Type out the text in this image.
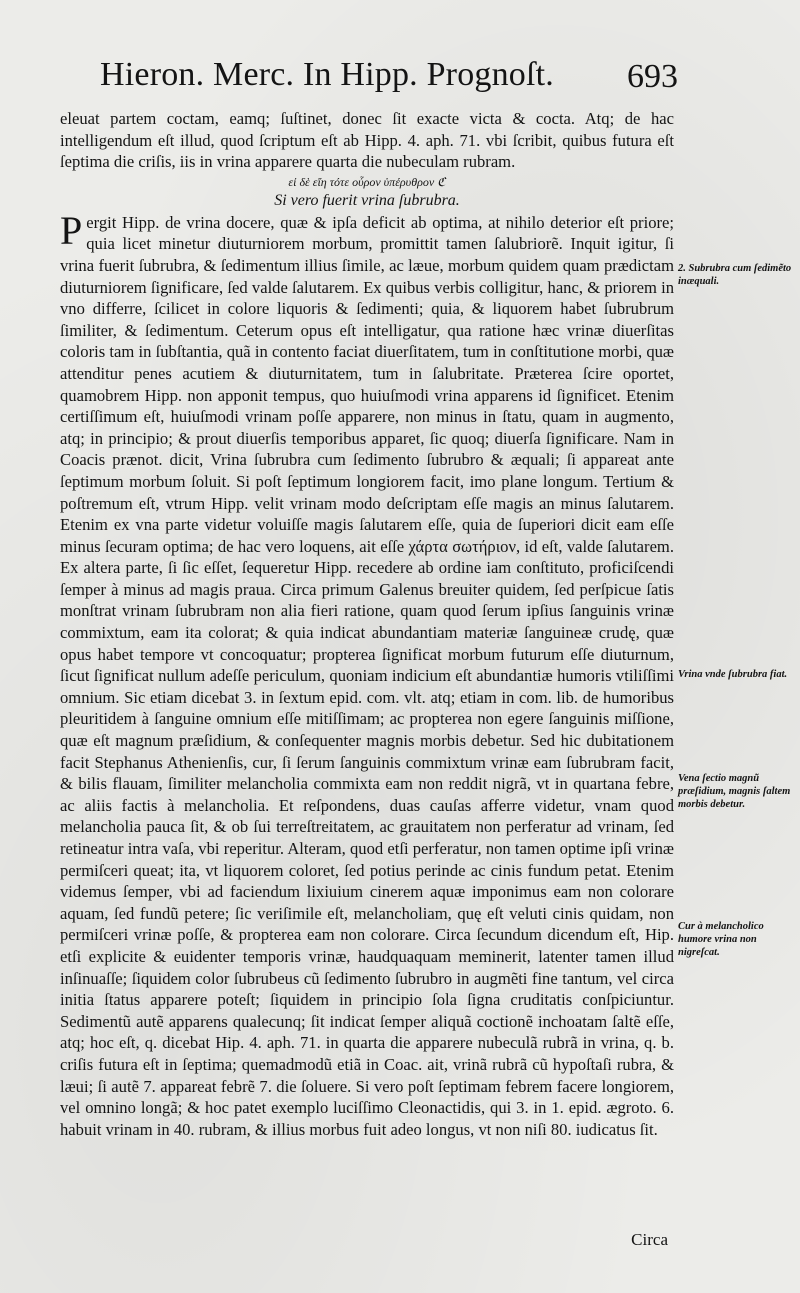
Hieron. Merc. In Hipp. Prognoſt. 693

eleuat partem coctam, eamq; ſuſtinet, donec ſit exacte victa & cocta. Atq; de hac intelligendum eſt illud, quod ſcriptum eſt ab Hipp. 4. aph. 71. vbi ſcribit, quibus futura eſt ſeptima die criſis, iis in vrina apparere quarta die nubeculam rubram.

εἰ δὲ εἴη τότε οὖρον ὑπέρυθρον ℭ

Si vero fuerit vrina ſubrubra.

Pergit Hipp. de vrina docere, quæ & ipſa deficit ab optima, at nihilo deterior eſt priore; quia licet minetur diuturniorem morbum, promittit tamen ſalubriorẽ. Inquit igitur, ſi vrina fuerit ſubrubra, & ſedimentum illius ſimile, ac læue, morbum quidem quam prædictam diuturniorem ſignificare, ſed valde ſalutarem. Ex quibus verbis colligitur, hanc, & priorem in vno differre, ſcilicet in colore liquoris & ſedimenti; quia, & liquorem habet ſubrubrum ſimiliter, & ſedimentum. Ceterum opus eſt intelligatur, qua ratione hæc vrinæ diuerſitas coloris tam in ſubſtantia, quã in contento faciat diuerſitatem, tum in conſtitutione morbi, quæ attenditur penes acutiem & diuturnitatem, tum in ſalubritate. Præterea ſcire oportet, quamobrem Hipp. non apponit tempus, quo huiuſmodi vrina apparens id ſignificet. Etenim certiſſimum eſt, huiuſmodi vrinam poſſe apparere, non minus in ſtatu, quam in augmento, atq; in principio; & prout diuerſis temporibus apparet, ſic quoq; diuerſa ſignificare. Nam in Coacis prænot. dicit, Vrina ſubrubra cum ſedimento ſubrubro & æquali; ſi appareat ante ſeptimum morbum ſoluit. Si poſt ſeptimum longiorem facit, imo plane longum. Tertium & poſtremum eſt, vtrum Hipp. velit vrinam modo deſcriptam eſſe magis an minus ſalutarem. Etenim ex vna parte videtur voluiſſe magis ſalutarem eſſe, quia de ſuperiori dicit eam eſſe minus ſecuram optima; de hac vero loquens, ait eſſe χάρτα σωτήριον, id eſt, valde ſalutarem. Ex altera parte, ſi ſic eſſet, ſequeretur Hipp. recedere ab ordine iam conſtituto, proficiſcendi ſemper à minus ad magis praua. Circa primum Galenus breuiter quidem, ſed perſpicue ſatis monſtrat vrinam ſubrubram non alia fieri ratione, quam quod ſerum ipſius ſanguinis vrinæ commixtum, eam ita colorat; & quia indicat abundantiam materiæ ſanguineæ crudę, quæ opus habet tempore vt concoquatur; propterea ſignificat morbum futurum eſſe diuturnum, ſicut ſignificat nullum adeſſe periculum, quoniam indicium eſt abundantiæ humoris vtiliſſimi omnium. Sic etiam dicebat 3. in ſextum epid. com. vlt. atq; etiam in com. lib. de humoribus pleuritidem à ſanguine omnium eſſe mitiſſimam; ac propterea non egere ſanguinis miſſione, quæ eſt magnum præſidium, & conſequenter magnis morbis debetur. Sed hic dubitationem facit Stephanus Athenienſis, cur, ſi ſerum ſanguinis commixtum vrinæ eam ſubrubram facit, & bilis flauam, ſimiliter melancholia commixta eam non reddit nigrã, vt in quartana febre, ac aliis factis à melancholia. Et reſpondens, duas cauſas afferre videtur, vnam quod melancholia pauca ſit, & ob ſui terreſtreitatem, ac grauitatem non perferatur ad vrinam, ſed retineatur intra vaſa, vbi reperitur. Alteram, quod etſi perferatur, non tamen optime ipſi vrinæ permiſceri queat; ita, vt liquorem coloret, ſed potius perinde ac cinis fundum petat. Etenim videmus ſemper, vbi ad faciendum lixiuium cinerem aquæ imponimus eam non colorare aquam, ſed fundũ petere; ſic veriſimile eſt, melancholiam, quę eſt veluti cinis quidam, non permiſceri vrinæ poſſe, & propterea eam non colorare. Circa ſecundum dicendum eſt, Hip. etſi explicite & euidenter temporis vrinæ, haudquaquam meminerit, latenter tamen illud inſinuaſſe; ſiquidem color ſubrubeus cũ ſedimento ſubrubro in augmẽti fine tantum, vel circa initia ſtatus apparere poteſt; ſiquidem in principio ſola ſigna cruditatis conſpiciuntur. Sedimentũ autẽ apparens qualecunq; ſit indicat ſemper aliquã coctionẽ inchoatam ſaltẽ eſſe, atq; hoc eſt, q. dicebat Hip. 4. aph. 71. in quarta die apparere nubeculã rubrã in vrina, q. b. criſis futura eſt in ſeptima; quemadmodũ etiã in Coac. ait, vrinã rubrã cũ hypoſtaſi rubra, & læui; ſi autẽ 7. appareat febrẽ 7. die ſoluere. Si vero poſt ſeptimam febrem facere longiorem, vel omnino longã; & hoc patet exemplo luciſſimo Cleonactidis, qui 3. in 1. epid. ægroto. 6. habuit vrinam in 40. rubram, & illius morbus fuit adeo longus, vt non niſi 80. iudicatus ſit.

2. Subrubra cum ſedimẽto inæquali.
Vrina vnde ſubrubra fiat.
Vena ſectio magnũ præſidium, magnis ſaltem morbis debetur.
Cur à melancholico humore vrina non nigreſcat.
Circa
